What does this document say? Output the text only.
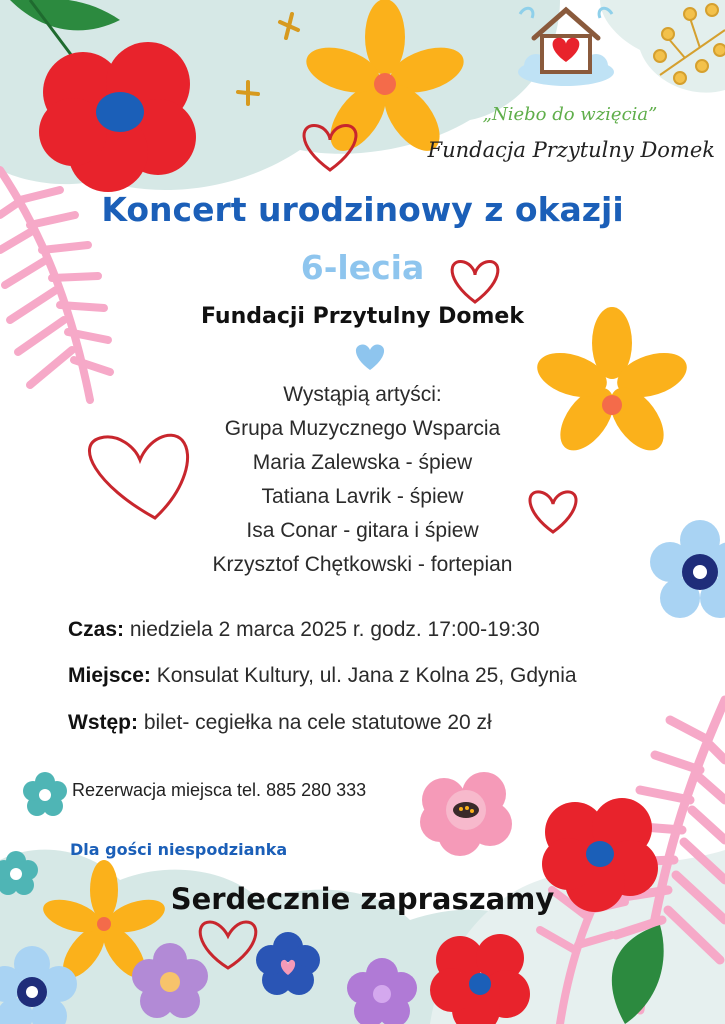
„Niebo do wzięcia”
Fundacja Przytulny Domek
Koncert urodzinowy z okazji
6-lecia
Fundacji Przytulny Domek
Wystąpią artyści:
Grupa Muzycznego Wsparcia
Maria Zalewska - śpiew
Tatiana Lavrik - śpiew
Isa Conar - gitara i śpiew
Krzysztof Chętkowski - fortepian
Czas: niedziela 2 marca 2025 r. godz. 17:00-19:30
Miejsce: Konsulat Kultury, ul. Jana z Kolna 25, Gdynia
Wstęp: bilet- cegiełka na cele statutowe 20 zł
Rezerwacja miejsca tel. 885 280 333
Dla gości niespodzianka
Serdecznie zapraszamy
